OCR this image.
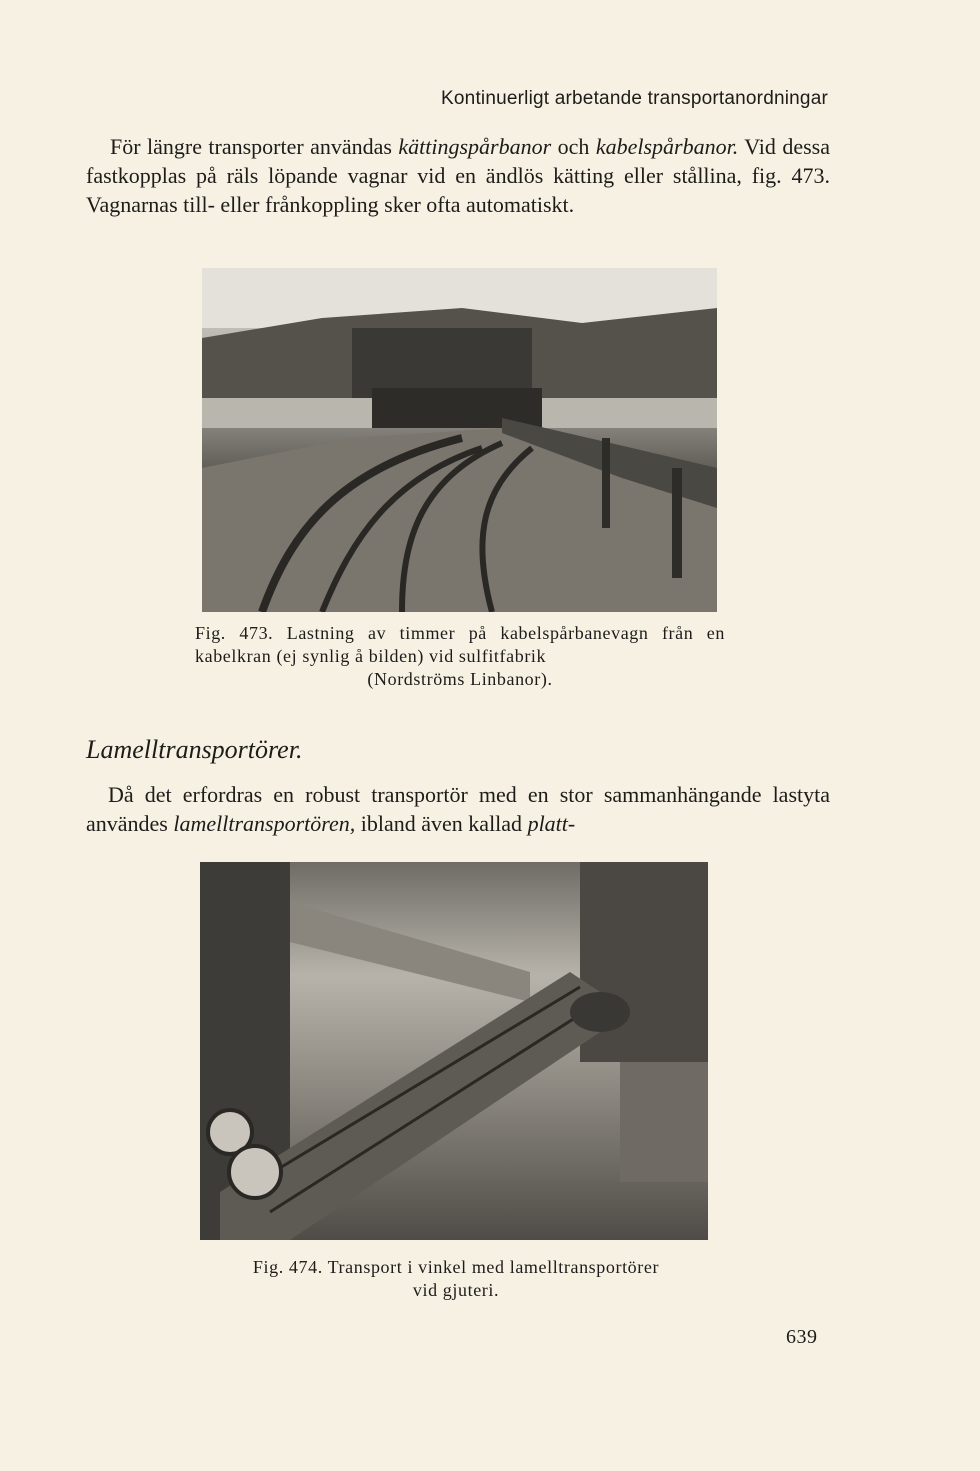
Kontinuerligt arbetande transportanordningar
För längre transporter användas kättingspårbanor och kabelspårbanor. Vid dessa fastkopplas på räls löpande vagnar vid en ändlös kätting eller stållina, fig. 473. Vagnarnas till- eller frånkoppling sker ofta automatiskt.
Fig. 473. Lastning av timmer på kabelspårbanevagn från en kabelkran (ej synlig å bilden) vid sulfitfabrik
(Nordströms Linbanor).
Lamelltransportörer.
Då det erfordras en robust transportör med en stor sammanhängande lastyta användes lamelltransportören, ibland även kallad platt-
Fig. 474. Transport i vinkel med lamelltransportörer
vid gjuteri.
639
